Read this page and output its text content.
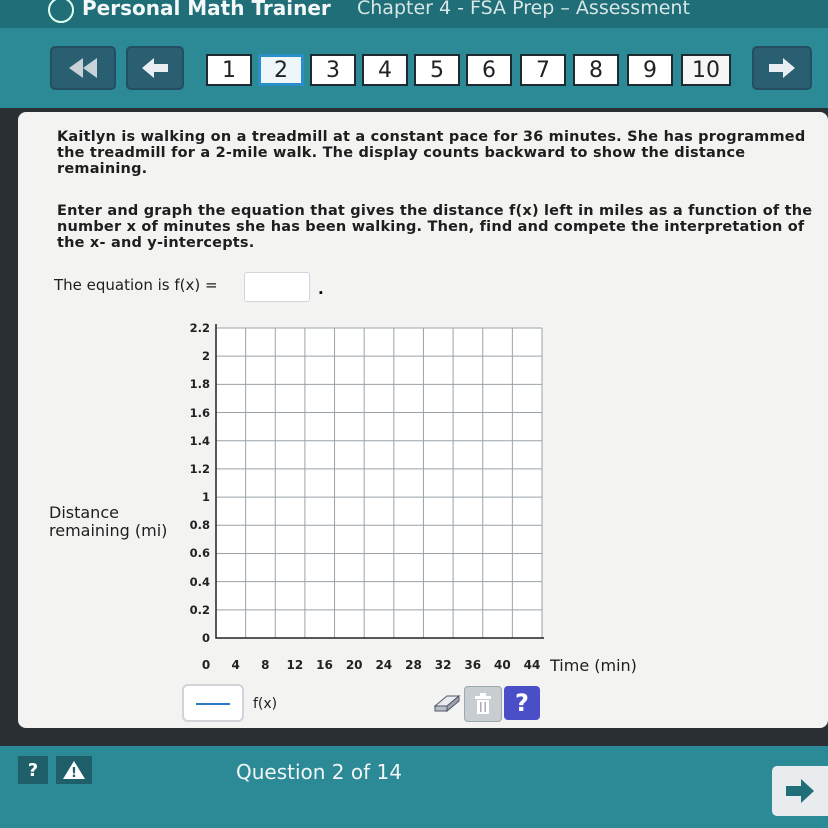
Personal Math Trainer Chapter 4 - FSA Prep – Assessment
1	2	3	4	5	6	7	8	9	10
Kaitlyn is walking on a treadmill at a constant pace for 36 minutes. She has programmed
the treadmill for a 2-mile walk. The display counts backward to show the distance
remaining.
Enter and graph the equation that gives the distance f(x) left in miles as a function of the
number x of minutes she has been walking. Then, find and compete the interpretation of
the x- and y-intercepts.
The equation is f(x) =	.
2.2
2
1.8
1.6
1.4
1.2
1
0.8
0.6
0.4
0.2
0
0	4	8	12	16	20	24	28	32	36	40	44
Distance
remaining (mi)
Time (min)
f(x)	?
?	!	Question 2 of 14
